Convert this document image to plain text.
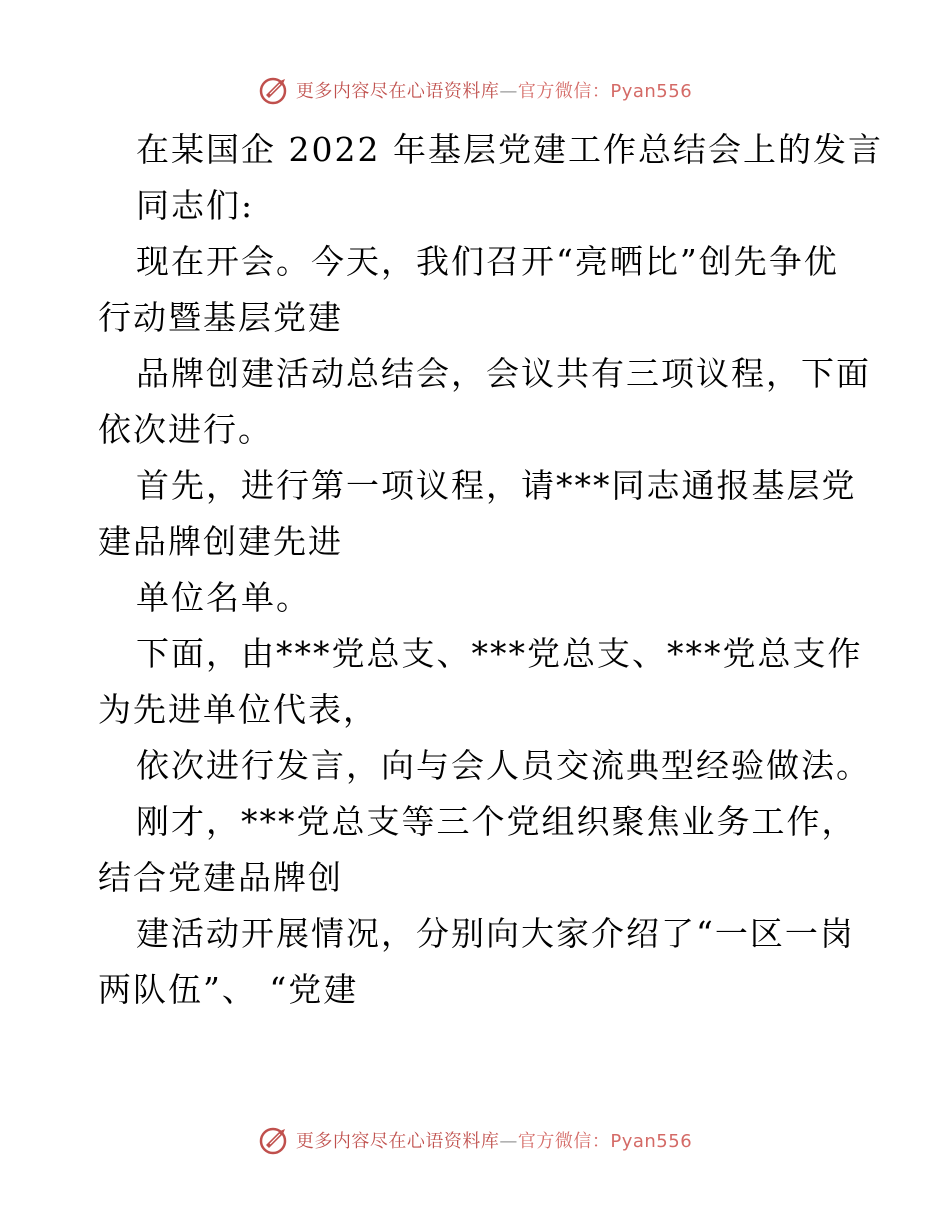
更多内容尽在心语资料库—官方微信：Pyan556

在某国企 2022 年基层党建工作总结会上的发言

同志们:

现在开会。今天，我们召开“亮晒比”创先争优
行动暨基层党建

品牌创建活动总结会，会议共有三项议程，下面
依次进行。

首先，进行第一项议程，请***同志通报基层党
建品牌创建先进

单位名单。

下面，由***党总支、***党总支、***党总支作
为先进单位代表，

依次进行发言，向与会人员交流典型经验做法。

刚才，***党总支等三个党组织聚焦业务工作，
结合党建品牌创

建活动开展情况，分别向大家介绍了“一区一岗
两队伍”、 “党建

更多内容尽在心语资料库—官方微信：Pyan556
